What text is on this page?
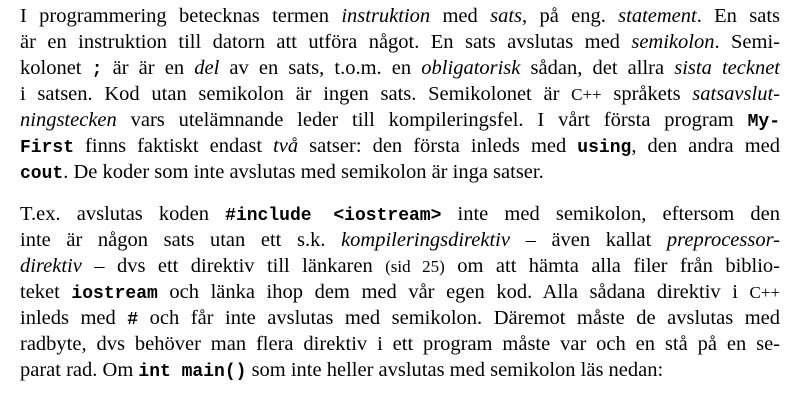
I programmering betecknas termen instruktion med sats, på eng. statement. En sats
är en instruktion till datorn att utföra något. En sats avslutas med semikolon. Semi-
kolonet ; är är en del av en sats, t.o.m. en obligatorisk sådan, det allra sista tecknet
i satsen. Kod utan semikolon är ingen sats. Semikolonet är C++ språkets satsavslut-
ningstecken vars utelämnande leder till kompileringsfel. I vårt första program My-
First finns faktiskt endast två satser: den första inleds med using, den andra med
cout. De koder som inte avslutas med semikolon är inga satser.

T.ex. avslutas koden #include <iostream> inte med semikolon, eftersom den
inte är någon sats utan ett s.k. kompileringsdirektiv – även kallat preprocessor-
direktiv – dvs ett direktiv till länkaren (sid 25) om att hämta alla filer från biblio-
teket iostream och länka ihop dem med vår egen kod. Alla sådana direktiv i C++
inleds med # och får inte avslutas med semikolon. Däremot måste de avslutas med
radbyte, dvs behöver man flera direktiv i ett program måste var och en stå på en se-
parat rad. Om int main() som inte heller avslutas med semikolon läs nedan:
